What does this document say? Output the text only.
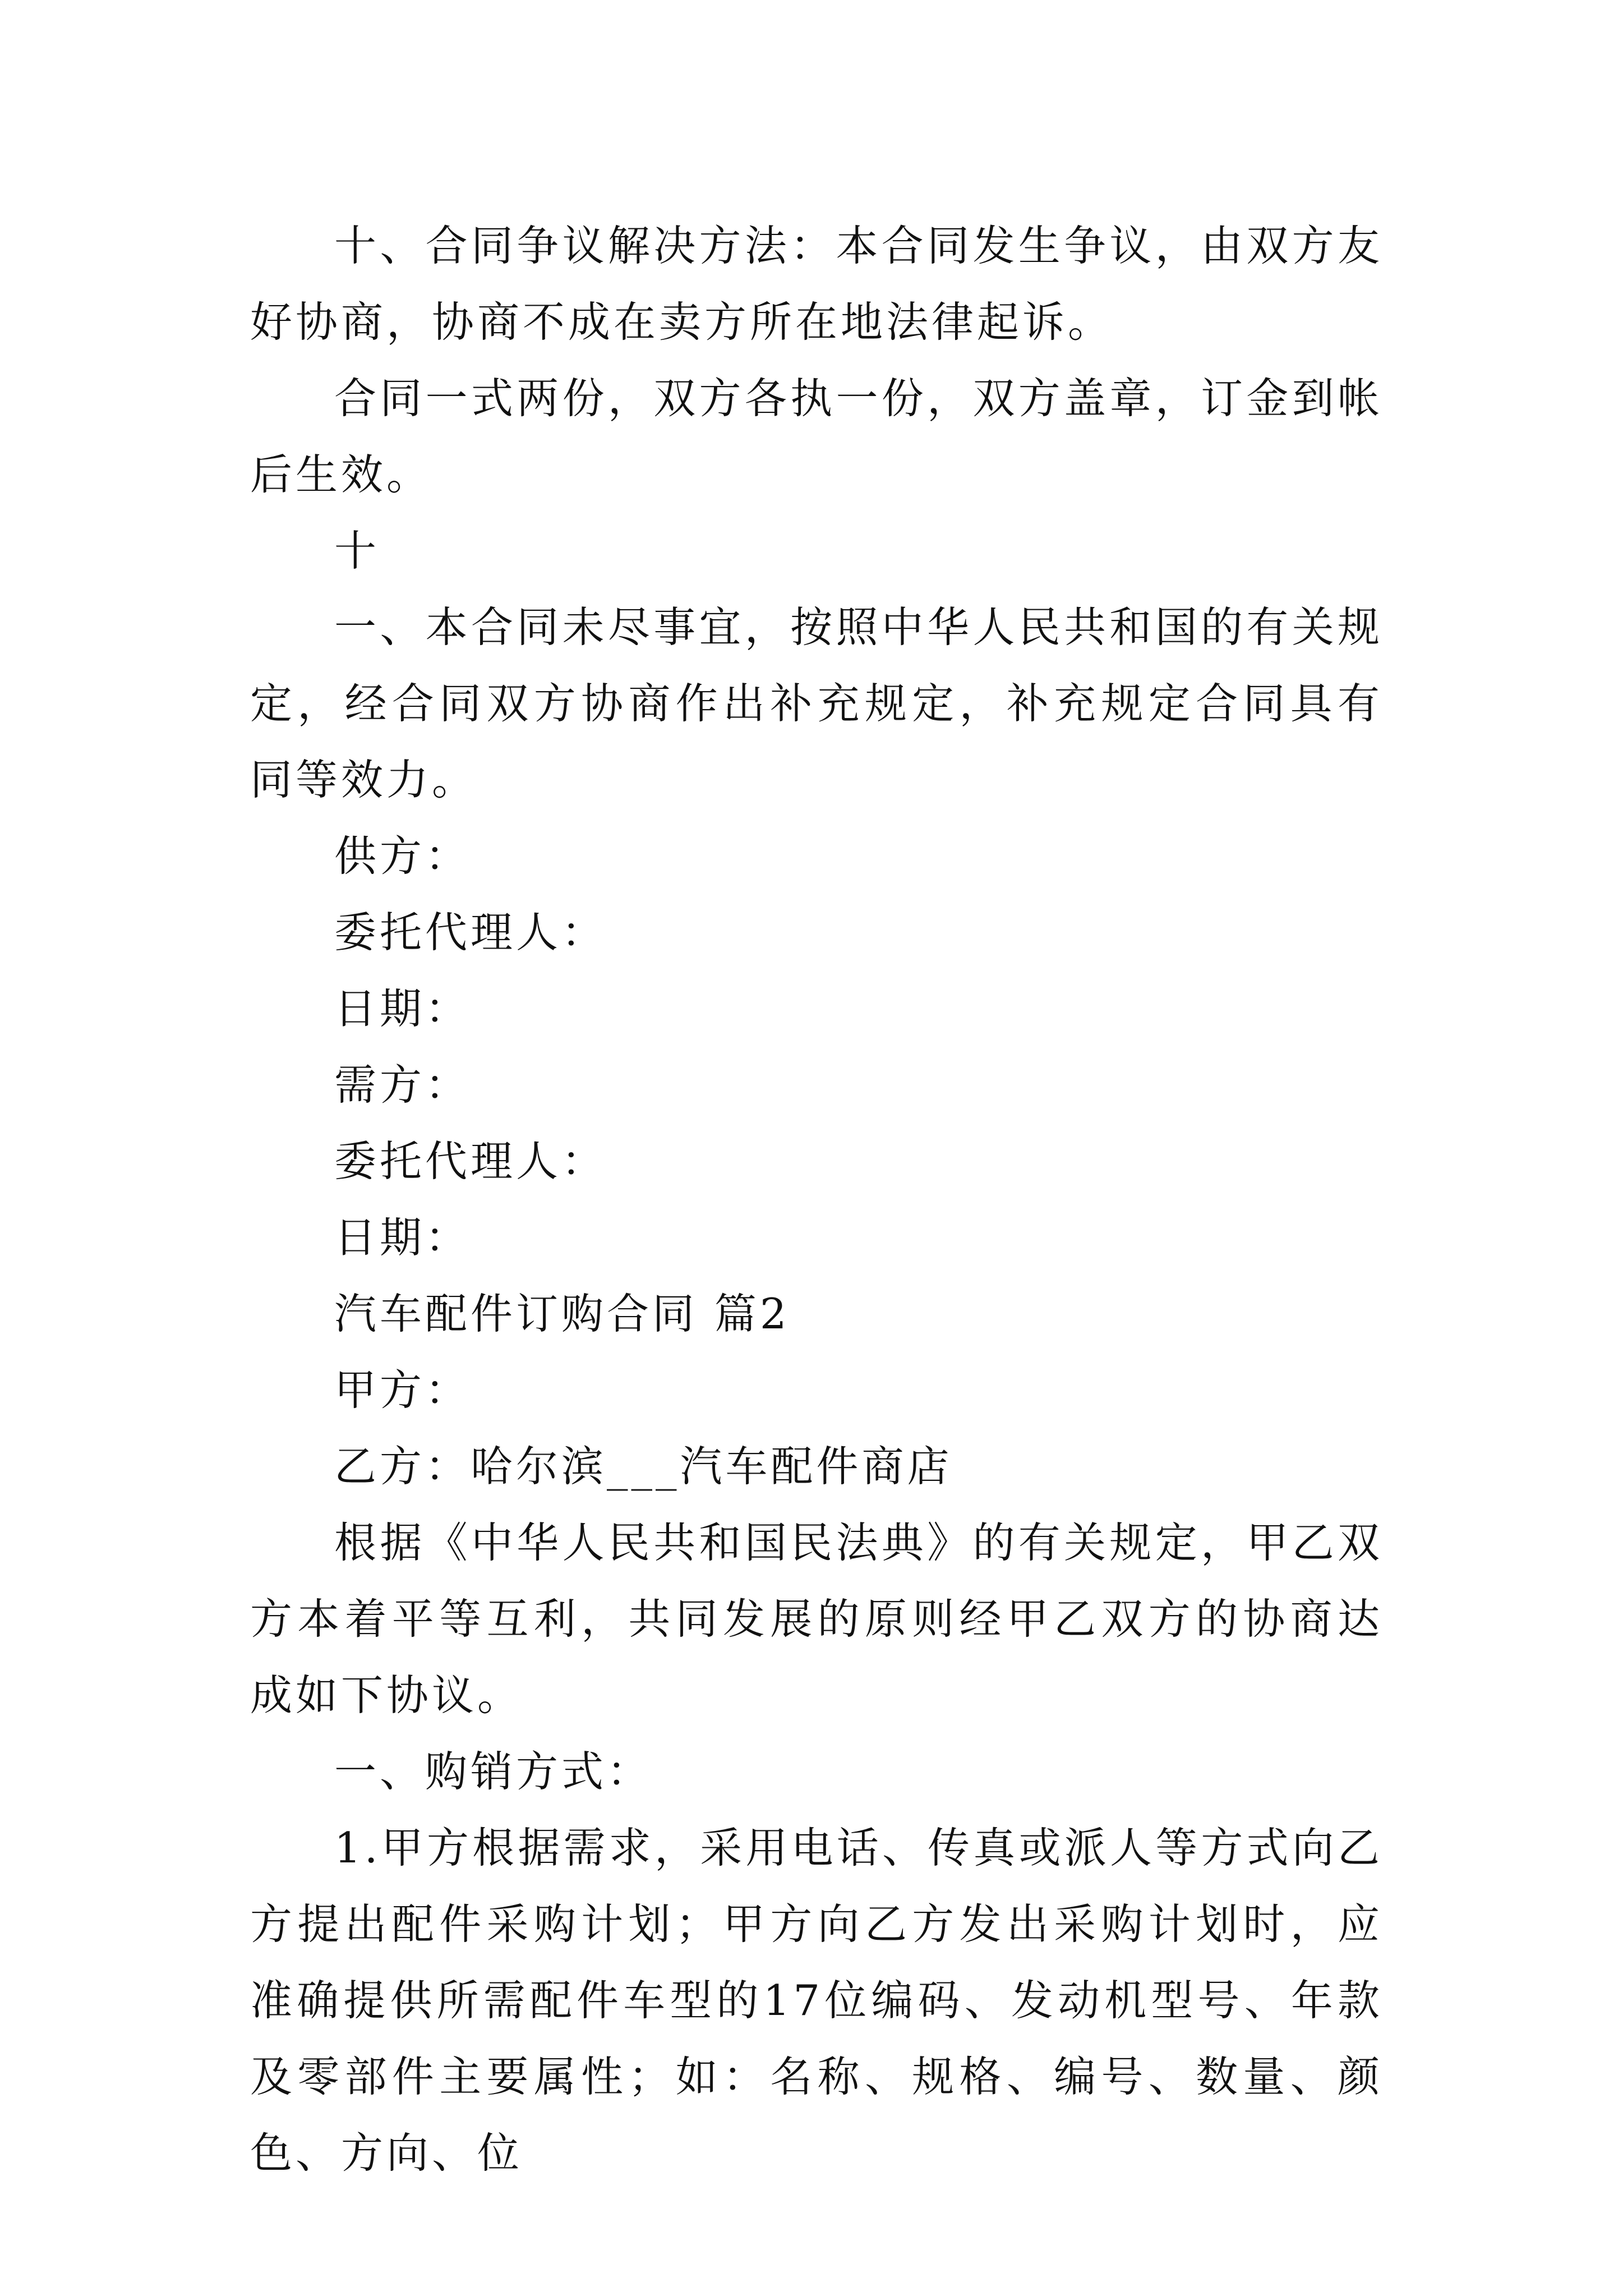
十、合同争议解决方法：本合同发生争议，由双方友好协商，协商不成在卖方所在地法律起诉。

合同一式两份，双方各执一份，双方盖章，订金到帐后生效。

十

一、本合同未尽事宜，按照中华人民共和国的有关规定，经合同双方协商作出补充规定，补充规定合同具有同等效力。

供方：

委托代理人：

日期：

需方：

委托代理人：

日期：

汽车配件订购合同 篇2

甲方：

乙方：哈尔滨___汽车配件商店

根据《中华人民共和国民法典》的有关规定，甲乙双方本着平等互利，共同发展的原则经甲乙双方的协商达成如下协议。

一、购销方式：

1.甲方根据需求，采用电话、传真或派人等方式向乙方提出配件采购计划；甲方向乙方发出采购计划时，应准确提供所需配件车型的17位编码、发动机型号、年款及零部件主要属性；如：名称、规格、编号、数量、颜色、方向、位
